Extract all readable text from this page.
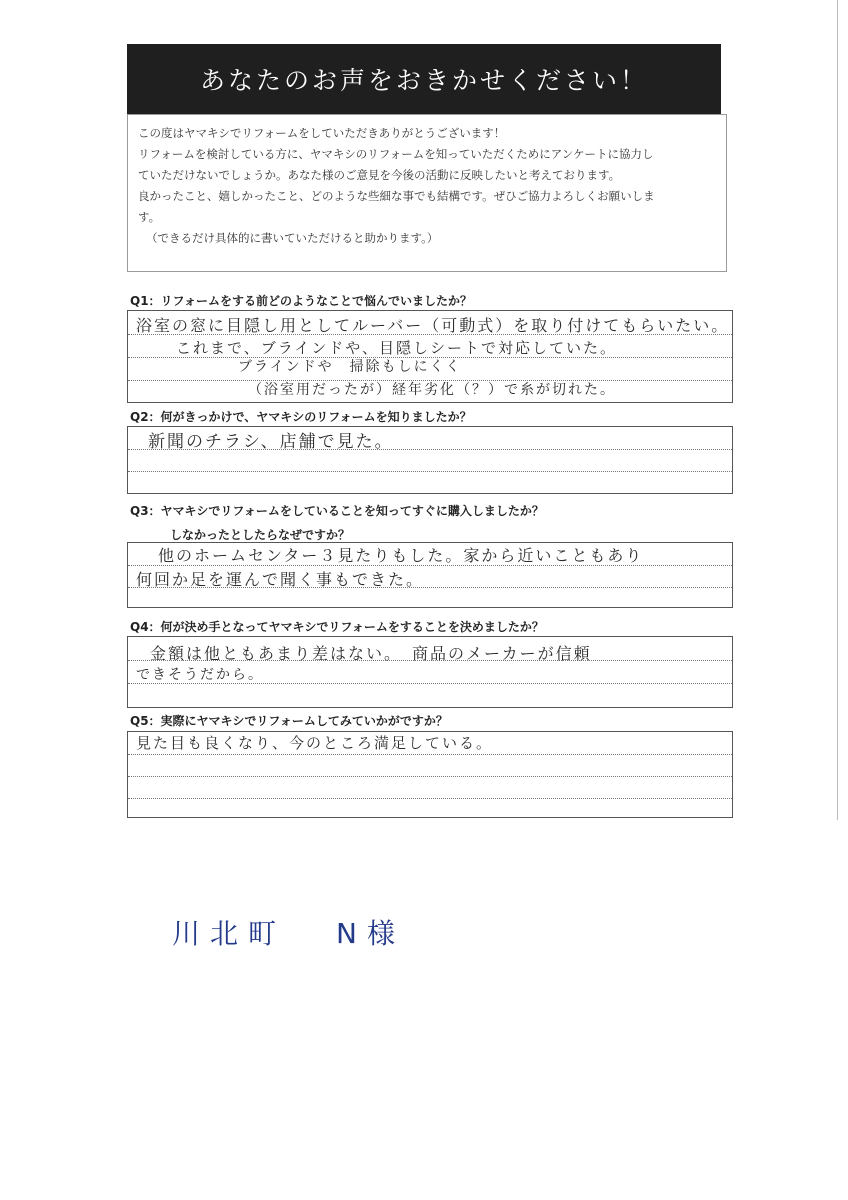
あなたのお声をおきかせください！

この度はヤマキシでリフォームをしていただきありがとうございます！

リフォームを検討している方に、ヤマキシのリフォームを知っていただくためにアンケートに協力し

ていただけないでしょうか。あなた様のご意見を今後の活動に反映したいと考えております。

良かったこと、嬉しかったこと、どのような些細な事でも結構です。ぜひご協力よろしくお願いしま

す。

（できるだけ具体的に書いていただけると助かります。）

Q1：リフォームをする前どのようなことで悩んでいましたか？
浴室の窓に目隠し用としてルーバー（可動式）を取り付けてもらいたい。
これまで、ブラインドや、目隠しシートで対応していた。
ブラインドや　掃除もしにくく
（浴室用だったが）経年劣化（？）で糸が切れた。
Q2：何がきっかけで、ヤマキシのリフォームを知りましたか？
新聞のチラシ、店舗で見た。
Q3：ヤマキシでリフォームをしていることを知ってすぐに購入しましたか？
しなかったとしたらなぜですか？
他のホームセンター３見たりもした。家から近いこともあり
何回か足を運んで聞く事もできた。
Q4：何が決め手となってヤマキシでリフォームをすることを決めましたか？
金額は他ともあまり差はない。　商品のメーカーが信頼
できそうだから。
Q5：実際にヤマキシでリフォームしてみていかがですか？
見た目も良くなり、今のところ満足している。
川北町 N様
